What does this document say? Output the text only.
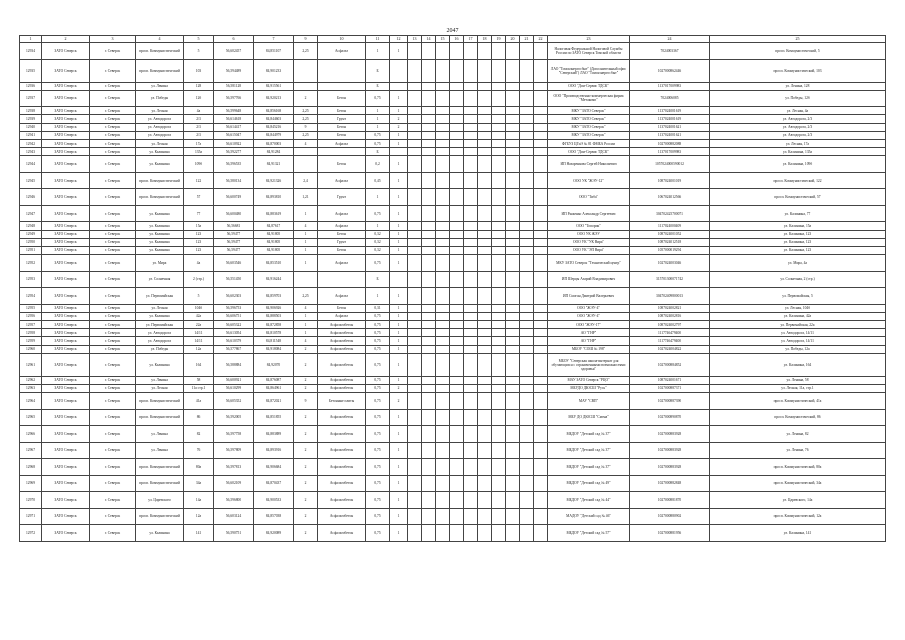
2047
1	2	3	4	5	6	7	9	10	11	12	13	14	15	16	17	18	19	20	21	22	23	24	25
12934	ЗАТО Северск	г. Северск	просп. Коммунистический	5	56,602457	84,851107	2,25	Асфальт	1	1											Налоговая Федеральной Налоговой Службы России по ЗАТО Северск Томской области	7024003367	просп. Коммунистический, 5
12935	ЗАТО Северск	г. Северск	просп. Коммунистический	103	56,594489	84,901233			Б												ЛАО "Томскэнергосбыт" (Дополнительный офис "Северский") ЛАО "Томскэнергосбыт"	1027000862446	просп. Коммунистический, 103
12936	ЗАТО Северск	г. Северск	ул. Ленина	128	56,581128	84,915561			Б												ООО "Дом-Сервис ТДСК"	1137017009983	ул. Ленина, 128
12937	ЗАТО Северск	г. Северск	ул. Победы	12б	56,597766	84,920213	2	Бетон	0,75	1											ООО "Производственно-коммерческая фирма "Метакомп"	7024006085	ул. Победы, 12б
12938	ЗАТО Северск	г. Северск	ул. Лесная	4а	56,599648	84,856168	2,25	Бетон	1	1											МКУ "ЗАТО Северск"	1137024001619	ул. Лесная, 4а
12939	ЗАТО Северск	г. Северск	ул. Автодорога	2/3	56,614618	84,844603	2,25	Грунт	1	2											МКУ "ЗАТО Северск"	1137024001619	ул. Автодорога, 2/3
12940	ЗАТО Северск	г. Северск	ул. Автодорога	2/3	56,614417	84,845216	9	Бетон	1	2											МКУ "ЗАТО Северск"	1137024001621	ул. Автодорога, 2/3
12941	ЗАТО Северск	г. Северск	ул. Автодорога	2/3	56,615047	84,844979	2,25	Бетон	0,75	1											МКУ "ЗАТО Северск"	1137024001621	ул. Автодорога, 2/3
12942	ЗАТО Северск	г. Северск	ул. Лесная	17а	56,610922	84,870003	4	Асфальт	0,75	1											ФГБУЗ ЦГиЭ № 81 ФМБА России	1027000882088	ул. Лесная, 17а
12943	ЗАТО Северск	г. Северск	ул. Калинина	135а	56,592277	84,91284			Б												ООО "Дом-Сервис ТДСК"	1137017009983	ул. Калинина, 135а
12944	ЗАТО Северск	г. Северск	ул. Калинина	109б	56,596535	84,91321		Бетон	0,2	1											ИП Назаренкова Сергей Николаевич	1057024000590012	ул. Калинина, 109б
12945	ЗАТО Северск	г. Северск	просп. Коммунистический	122	56,580134	84,921326	2,4	Асфальт	0,45	1											ООО УК "ЖЭУ-12"	1087024001019	просп. Коммунистический, 122
12946	ЗАТО Северск	г. Северск	просп. Коммунистический	57	56,600749	84,893810	1,21	Грунт	1	1											ООО "Тиба"	1067024012566	просп. Коммунистический, 57
12947	ЗАТО Северск	г. Северск	ул. Калинина	77	56,600480	84,883619	1	Асфальт	0,75	1											ИП Рыженко Александр Сергеевич	304702425700071	ул. Калинина, 77
12948	ЗАТО Северск	г. Северск	ул. Калинина	15а	56,56681	84,87617	4	Асфальт	1	1											ООО "Топорик"	1117024000409	ул. Калинина, 15а
12949	ЗАТО Северск	г. Северск	ул. Калинина	123	56,59477	84,91805	1	Бетон	0,32	1											ООО УК ЖЭУ	1087024001052	ул. Калинина, 123
12950	ЗАТО Северск	г. Северск	ул. Калинина	123	56,59477	84,91805	1	Грунт	0,32	1											ООО УК "УК Вира"	1087024012518	ул. Калинина, 123
12951	ЗАТО Северск	г. Северск	ул. Калинина	123	56,59477	84,91805	1	Бетон	0,32	1											ООО УК "ЭП Вира"	1057000019294	ул. Калинина, 123
12952	ЗАТО Северск	г. Северск	ул. Мира	4а	56,603546	84,853510	1	Асфальт	0,75	1											МКУ ЗАТО Северск "Технический центр"	1027024003046	ул. Мира, 4а
12953	ЗАТО Северск	г. Северск	ул. Солнечная	2 (стр.)	56,551450	84,916244			Б												ИП Шерцы Азарий Владимирович	315701300071742	ул. Солнечная, 2 (стр.)
12954	ЗАТО Северск	г. Северск	ул. Первомайская	5	56,602303	84,859703	2,25	Асфальт	1	1											ИП Смоган Дмитрий Валерьевич	304702409800013	ул. Первомайская, 5
12955	ЗАТО Северск	г. Северск	ул. Лесная	104б	56,596753	84,906926	4	Бетон	0,31	1											ООО "ЖЭУ-4"	1087024002821	ул. Лесная, 104б
12956	ЗАТО Северск	г. Северск	ул. Калинина	42а	56,606751	84,888503	1	Асфальт	0,75	1											ООО "ЖЭУ-4"	1087024002816	ул. Калинина, 42а
12957	ЗАТО Северск	г. Северск	ул. Первомайская	22а	56,605322	84,872858	1	Асфальтобетон	0,75	1											ООО "ЖЭУ-17"	1087024002797	ул. Первомайская, 22а
12958	ЗАТО Северск	г. Северск	ул. Автодорога	14/11	56,613054	84,810578	1	Асфальтобетон	0,75	1											АО "ГНР"	1117746479400	ул. Автодорога, 14/11
12959	ЗАТО Северск	г. Северск	ул. Автодорога	14/11	56,610379	84,811548	4	Асфальтобетон	0,75	1											АО "ГНР"	1117746479400	ул. Автодорога, 14/11
12960	ЗАТО Северск	г. Северск	ул. Победы	12а	56,577867	84,918084	2	Асфальтобетон	0,75	1											МБОУ "СОШ № 198"	1027024004822	ул. Победы, 12а
12961	ЗАТО Северск	г. Северск	ул. Калинина	164	56,588884	84,92070	2	Асфальтобетон	0,75	1											МБОУ "Северская школа-интернат для обучающихся с ограниченными возможностями здоровья"	1027000884852	ул. Калинина, 164
12962	ЗАТО Северск	г. Северск	ул. Ленина	58	56,600921	84,876087	2	Асфальтобетон	0,75	1											МАУ ЗАТО Северск "РЦО"	1087024001671	ул. Ленина, 58
12963	ЗАТО Северск	г. Северск	ул. Лесная	11а стр.1	56,610299	84,864961	2	Асфальтобетон	0,75	2											МБУДО ДЮСШ "Русь"	1027000887371	ул. Лесная, 11а, стр.1
12964	ЗАТО Северск	г. Северск	просп. Коммунистический	41а	56,605352	84,872021	9	Бетонные плиты	0,75	2											МАУ "СВП"	1027000887390	просп. Коммунистический, 41а
12965	ЗАТО Северск	г. Северск	просп. Коммунистический	86	56,592005	84,851855	2	Асфальтобетон	0,75	1											МБУ ДО ДЮСШ "Смена"	1027000890870	просп. Коммунистический, 86
12966	ЗАТО Северск	г. Северск	ул. Ленина	82	56,597758	84,883889	2	Асфальтобетон	0,75	1											МБДОУ "Детский сад № 37"	1027000883928	ул. Ленина, 82
12967	ЗАТО Северск	г. Северск	ул. Ленина	76	56,597809	84,893916	2	Асфальтобетон	0,75	1											МБДОУ "Детский сад № 37"	1027000883928	ул. Ленина, 76
12968	ЗАТО Северск	г. Северск	просп. Коммунистический	80а	56,597813	84,906684	2	Асфальтобетон	0,75	1											МБДОУ "Детский сад № 37"	1027000883928	просп. Коммунистический, 80а
12969	ЗАТО Северск	г. Северск	просп. Коммунистический	34а	56,602109	84,870437	2	Асфальтобетон	0,75	1											МБДОУ "Детский сад № 49"	1027000882848	просп. Коммунистический, 34а
12970	ЗАТО Северск	г. Северск	ул. Царевского	14а	56,596800	84,900533	2	Асфальтобетон	0,75	1											МБДОУ "Детский сад № 44"	1027000881870	ул. Царевского, 14а
12971	ЗАТО Северск	г. Северск	просп. Коммунистический	12а	56,603124	84,857038	2	Асфальтобетон	0,75	1											МАДОУ "Детский сад № 46"	1027000880902	просп. Коммунистический, 12а
12972	ЗАТО Северск	г. Северск	ул. Калинина	141	56,590751	84,920089	2	Асфальтобетон	0,75	1											МБДОУ "Детский сад № 57"	1027000881956	ул. Калинина, 141
